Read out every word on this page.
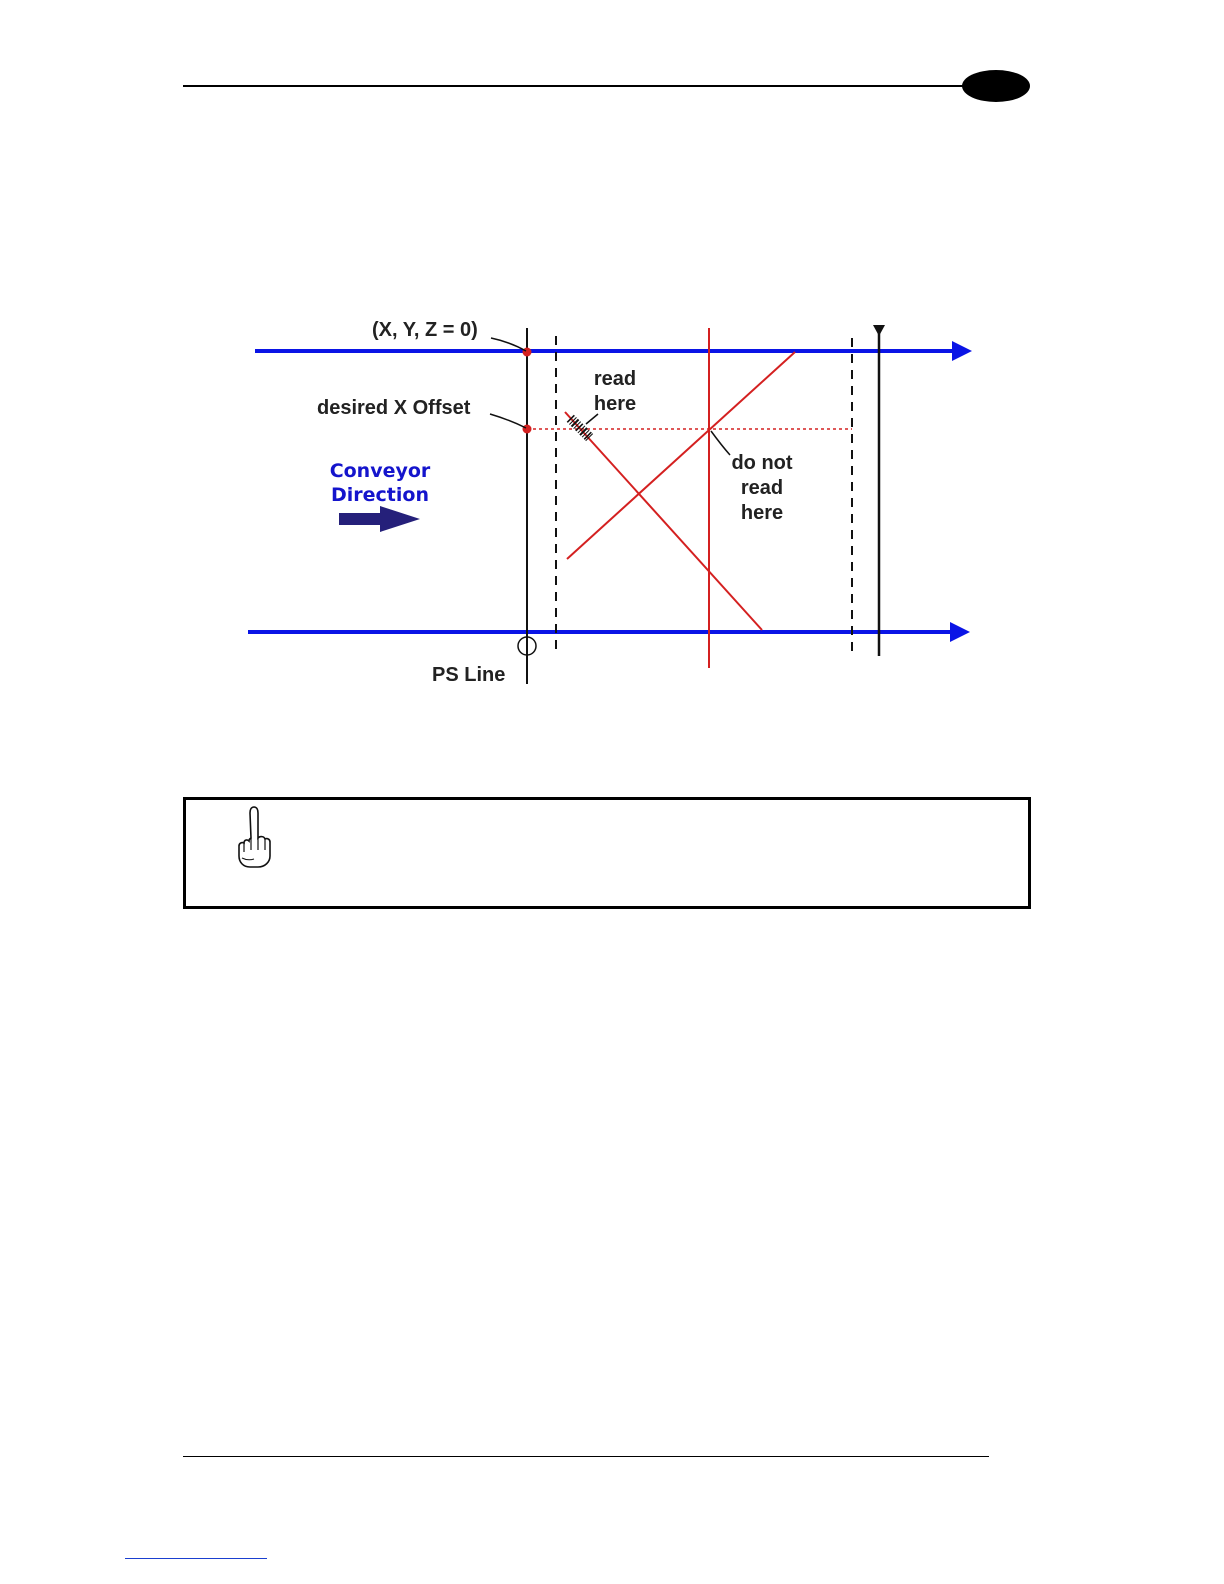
(X, Y, Z = 0)
desired X Offset
Conveyor
Direction
read
here
do not
read
here
PS Line
